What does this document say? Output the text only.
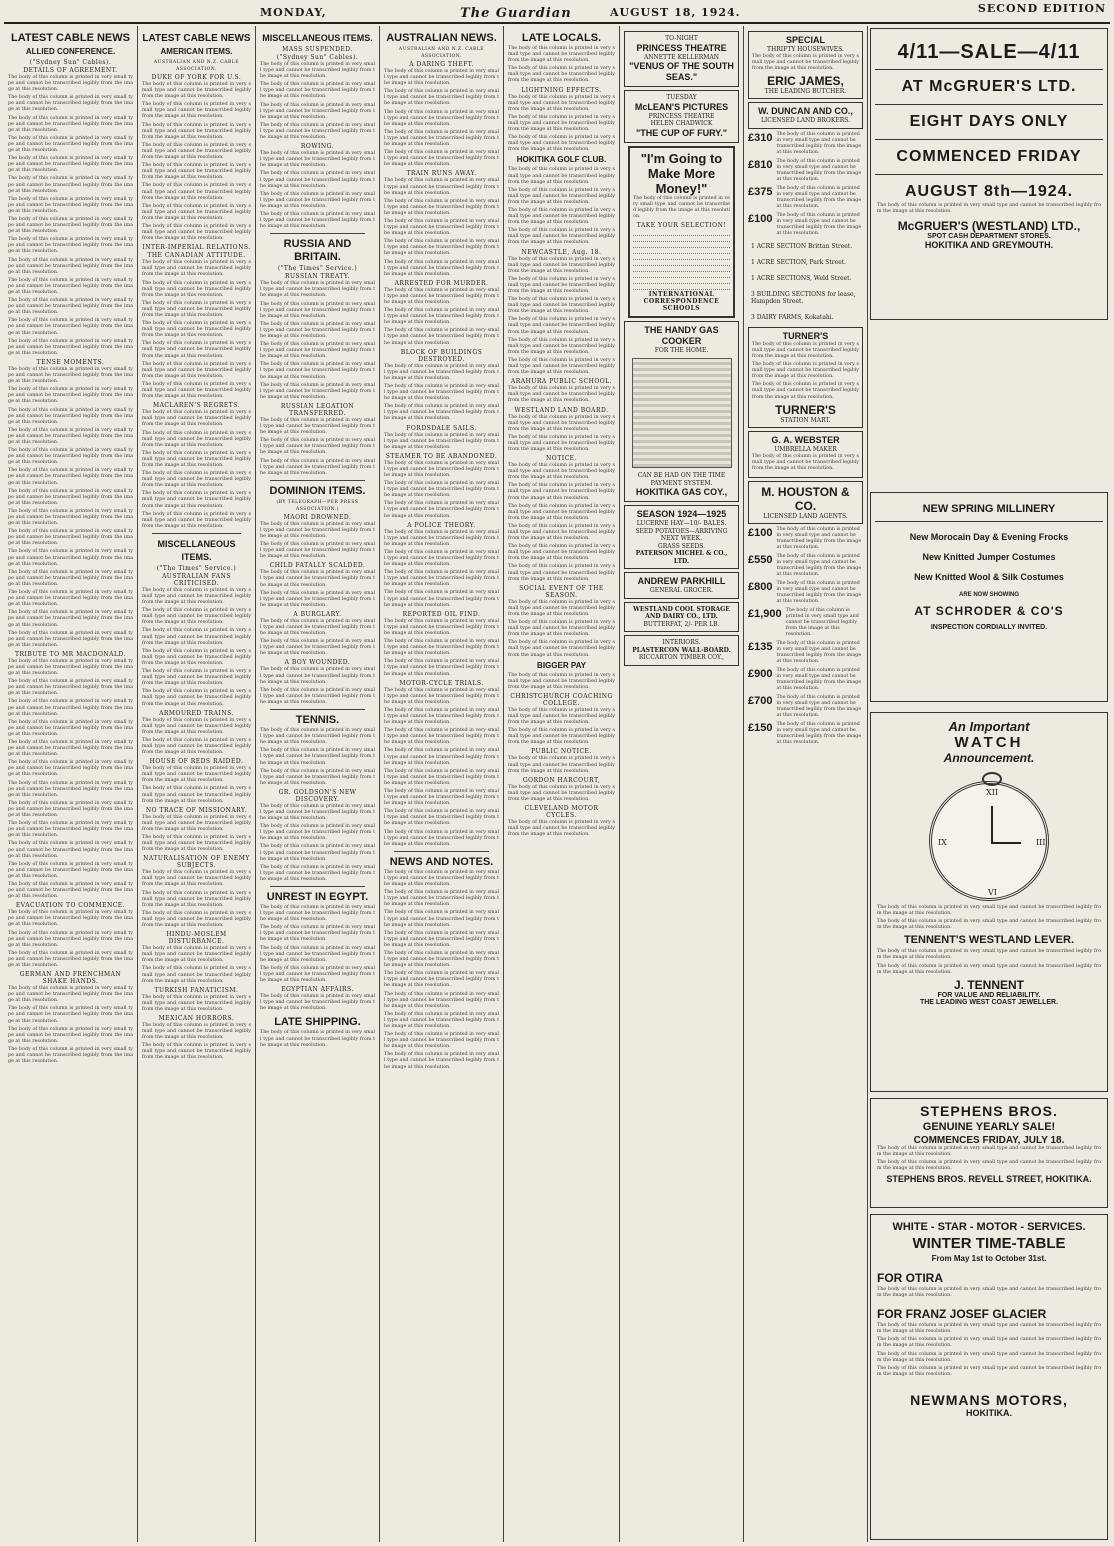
MONDAY,	The Guardian	AUGUST 18, 1924.	SECOND EDITION
LATEST CABLE NEWS
ALLIED CONFERENCE.
("Sydney Sun" Cables).
DETAILS OF AGREEMENT.
The body of this column is printed in very small type and cannot be transcribed legibly from the image at this resolution.
The body of this column is printed in very small type and cannot be transcribed legibly from the image at this resolution.
The body of this column is printed in very small type and cannot be transcribed legibly from the image at this resolution.
The body of this column is printed in very small type and cannot be transcribed legibly from the image at this resolution.
The body of this column is printed in very small type and cannot be transcribed legibly from the image at this resolution.
The body of this column is printed in very small type and cannot be transcribed legibly from the image at this resolution.
The body of this column is printed in very small type and cannot be transcribed legibly from the image at this resolution.
The body of this column is printed in very small type and cannot be transcribed legibly from the image at this resolution.
The body of this column is printed in very small type and cannot be transcribed legibly from the image at this resolution.
The body of this column is printed in very small type and cannot be transcribed legibly from the image at this resolution.
The body of this column is printed in very small type and cannot be transcribed legibly from the image at this resolution.
The body of this column is printed in very small type and cannot be transcribed legibly from the image at this resolution.
The body of this column is printed in very small type and cannot be transcribed legibly from the image at this resolution.
The body of this column is printed in very small type and cannot be transcribed legibly from the image at this resolution.
TENSE MOMENTS.
The body of this column is printed in very small type and cannot be transcribed legibly from the image at this resolution.
The body of this column is printed in very small type and cannot be transcribed legibly from the image at this resolution.
The body of this column is printed in very small type and cannot be transcribed legibly from the image at this resolution.
The body of this column is printed in very small type and cannot be transcribed legibly from the image at this resolution.
The body of this column is printed in very small type and cannot be transcribed legibly from the image at this resolution.
The body of this column is printed in very small type and cannot be transcribed legibly from the image at this resolution.
The body of this column is printed in very small type and cannot be transcribed legibly from the image at this resolution.
The body of this column is printed in very small type and cannot be transcribed legibly from the image at this resolution.
The body of this column is printed in very small type and cannot be transcribed legibly from the image at this resolution.
The body of this column is printed in very small type and cannot be transcribed legibly from the image at this resolution.
The body of this column is printed in very small type and cannot be transcribed legibly from the image at this resolution.
The body of this column is printed in very small type and cannot be transcribed legibly from the image at this resolution.
The body of this column is printed in very small type and cannot be transcribed legibly from the image at this resolution.
The body of this column is printed in very small type and cannot be transcribed legibly from the image at this resolution.
TRIBUTE TO MR MACDONALD.
The body of this column is printed in very small type and cannot be transcribed legibly from the image at this resolution.
The body of this column is printed in very small type and cannot be transcribed legibly from the image at this resolution.
The body of this column is printed in very small type and cannot be transcribed legibly from the image at this resolution.
The body of this column is printed in very small type and cannot be transcribed legibly from the image at this resolution.
The body of this column is printed in very small type and cannot be transcribed legibly from the image at this resolution.
The body of this column is printed in very small type and cannot be transcribed legibly from the image at this resolution.
The body of this column is printed in very small type and cannot be transcribed legibly from the image at this resolution.
The body of this column is printed in very small type and cannot be transcribed legibly from the image at this resolution.
The body of this column is printed in very small type and cannot be transcribed legibly from the image at this resolution.
The body of this column is printed in very small type and cannot be transcribed legibly from the image at this resolution.
The body of this column is printed in very small type and cannot be transcribed legibly from the image at this resolution.
The body of this column is printed in very small type and cannot be transcribed legibly from the image at this resolution.
EVACUATION TO COMMENCE.
The body of this column is printed in very small type and cannot be transcribed legibly from the image at this resolution.
The body of this column is printed in very small type and cannot be transcribed legibly from the image at this resolution.
The body of this column is printed in very small type and cannot be transcribed legibly from the image at this resolution.
GERMAN AND FRENCHMAN SHAKE HANDS.
The body of this column is printed in very small type and cannot be transcribed legibly from the image at this resolution.
The body of this column is printed in very small type and cannot be transcribed legibly from the image at this resolution.
The body of this column is printed in very small type and cannot be transcribed legibly from the image at this resolution.
The body of this column is printed in very small type and cannot be transcribed legibly from the image at this resolution.
LATEST CABLE NEWS
AMERICAN ITEMS.
AUSTRALIAN AND N.Z. CABLE ASSOCIATION.
DUKE OF YORK FOR U.S.
The body of this column is printed in very small type and cannot be transcribed legibly from the image at this resolution.
The body of this column is printed in very small type and cannot be transcribed legibly from the image at this resolution.
The body of this column is printed in very small type and cannot be transcribed legibly from the image at this resolution.
The body of this column is printed in very small type and cannot be transcribed legibly from the image at this resolution.
The body of this column is printed in very small type and cannot be transcribed legibly from the image at this resolution.
The body of this column is printed in very small type and cannot be transcribed legibly from the image at this resolution.
The body of this column is printed in very small type and cannot be transcribed legibly from the image at this resolution.
The body of this column is printed in very small type and cannot be transcribed legibly from the image at this resolution.
INTER-IMPERIAL RELATIONS.
THE CANADIAN ATTITUDE.
The body of this column is printed in very small type and cannot be transcribed legibly from the image at this resolution.
The body of this column is printed in very small type and cannot be transcribed legibly from the image at this resolution.
The body of this column is printed in very small type and cannot be transcribed legibly from the image at this resolution.
The body of this column is printed in very small type and cannot be transcribed legibly from the image at this resolution.
The body of this column is printed in very small type and cannot be transcribed legibly from the image at this resolution.
The body of this column is printed in very small type and cannot be transcribed legibly from the image at this resolution.
The body of this column is printed in very small type and cannot be transcribed legibly from the image at this resolution.
MACLAREN'S REGRETS.
The body of this column is printed in very small type and cannot be transcribed legibly from the image at this resolution.
The body of this column is printed in very small type and cannot be transcribed legibly from the image at this resolution.
The body of this column is printed in very small type and cannot be transcribed legibly from the image at this resolution.
The body of this column is printed in very small type and cannot be transcribed legibly from the image at this resolution.
The body of this column is printed in very small type and cannot be transcribed legibly from the image at this resolution.
The body of this column is printed in very small type and cannot be transcribed legibly from the image at this resolution.
MISCELLANEOUS ITEMS.
("The Times" Service.)
AUSTRALIAN FANS CRITICISED.
The body of this column is printed in very small type and cannot be transcribed legibly from the image at this resolution.
The body of this column is printed in very small type and cannot be transcribed legibly from the image at this resolution.
The body of this column is printed in very small type and cannot be transcribed legibly from the image at this resolution.
The body of this column is printed in very small type and cannot be transcribed legibly from the image at this resolution.
The body of this column is printed in very small type and cannot be transcribed legibly from the image at this resolution.
The body of this column is printed in very small type and cannot be transcribed legibly from the image at this resolution.
ARMOURED TRAINS.
The body of this column is printed in very small type and cannot be transcribed legibly from the image at this resolution.
The body of this column is printed in very small type and cannot be transcribed legibly from the image at this resolution.
HOUSE OF REDS RAIDED.
The body of this column is printed in very small type and cannot be transcribed legibly from the image at this resolution.
The body of this column is printed in very small type and cannot be transcribed legibly from the image at this resolution.
NO TRACE OF MISSIONARY.
The body of this column is printed in very small type and cannot be transcribed legibly from the image at this resolution.
The body of this column is printed in very small type and cannot be transcribed legibly from the image at this resolution.
NATURALISATION OF ENEMY SUBJECTS.
The body of this column is printed in very small type and cannot be transcribed legibly from the image at this resolution.
The body of this column is printed in very small type and cannot be transcribed legibly from the image at this resolution.
The body of this column is printed in very small type and cannot be transcribed legibly from the image at this resolution.
HINDU-MOSLEM DISTURBANCE.
The body of this column is printed in very small type and cannot be transcribed legibly from the image at this resolution.
The body of this column is printed in very small type and cannot be transcribed legibly from the image at this resolution.
TURKISH FANATICISM.
The body of this column is printed in very small type and cannot be transcribed legibly from the image at this resolution.
MEXICAN HORRORS.
The body of this column is printed in very small type and cannot be transcribed legibly from the image at this resolution.
The body of this column is printed in very small type and cannot be transcribed legibly from the image at this resolution.
MISCELLANEOUS ITEMS.
MASS SUSPENDED.
("Sydney Sun" Cables).
The body of this column is printed in very small type and cannot be transcribed legibly from the image at this resolution.
The body of this column is printed in very small type and cannot be transcribed legibly from the image at this resolution.
The body of this column is printed in very small type and cannot be transcribed legibly from the image at this resolution.
The body of this column is printed in very small type and cannot be transcribed legibly from the image at this resolution.
ROWING.
The body of this column is printed in very small type and cannot be transcribed legibly from the image at this resolution.
The body of this column is printed in very small type and cannot be transcribed legibly from the image at this resolution.
The body of this column is printed in very small type and cannot be transcribed legibly from the image at this resolution.
The body of this column is printed in very small type and cannot be transcribed legibly from the image at this resolution.
RUSSIA AND BRITAIN.
("The Times" Service.)
RUSSIAN TREATY.
The body of this column is printed in very small type and cannot be transcribed legibly from the image at this resolution.
The body of this column is printed in very small type and cannot be transcribed legibly from the image at this resolution.
The body of this column is printed in very small type and cannot be transcribed legibly from the image at this resolution.
The body of this column is printed in very small type and cannot be transcribed legibly from the image at this resolution.
The body of this column is printed in very small type and cannot be transcribed legibly from the image at this resolution.
The body of this column is printed in very small type and cannot be transcribed legibly from the image at this resolution.
RUSSIAN LEGATION TRANSFERRED.
The body of this column is printed in very small type and cannot be transcribed legibly from the image at this resolution.
The body of this column is printed in very small type and cannot be transcribed legibly from the image at this resolution.
The body of this column is printed in very small type and cannot be transcribed legibly from the image at this resolution.
DOMINION ITEMS.
(BY TELEGRAPH—PER PRESS ASSOCIATION.)
MAORI DROWNED.
The body of this column is printed in very small type and cannot be transcribed legibly from the image at this resolution.
The body of this column is printed in very small type and cannot be transcribed legibly from the image at this resolution.
CHILD FATALLY SCALDED.
The body of this column is printed in very small type and cannot be transcribed legibly from the image at this resolution.
The body of this column is printed in very small type and cannot be transcribed legibly from the image at this resolution.
A BURGLARY.
The body of this column is printed in very small type and cannot be transcribed legibly from the image at this resolution.
The body of this column is printed in very small type and cannot be transcribed legibly from the image at this resolution.
A BOY WOUNDED.
The body of this column is printed in very small type and cannot be transcribed legibly from the image at this resolution.
The body of this column is printed in very small type and cannot be transcribed legibly from the image at this resolution.
TENNIS.
The body of this column is printed in very small type and cannot be transcribed legibly from the image at this resolution.
The body of this column is printed in very small type and cannot be transcribed legibly from the image at this resolution.
The body of this column is printed in very small type and cannot be transcribed legibly from the image at this resolution.
GR. GOLDSON'S NEW DISCOVERY.
The body of this column is printed in very small type and cannot be transcribed legibly from the image at this resolution.
The body of this column is printed in very small type and cannot be transcribed legibly from the image at this resolution.
The body of this column is printed in very small type and cannot be transcribed legibly from the image at this resolution.
The body of this column is printed in very small type and cannot be transcribed legibly from the image at this resolution.
UNREST IN EGYPT.
The body of this column is printed in very small type and cannot be transcribed legibly from the image at this resolution.
The body of this column is printed in very small type and cannot be transcribed legibly from the image at this resolution.
The body of this column is printed in very small type and cannot be transcribed legibly from the image at this resolution.
The body of this column is printed in very small type and cannot be transcribed legibly from the image at this resolution.
EGYPTIAN AFFAIRS.
The body of this column is printed in very small type and cannot be transcribed legibly from the image at this resolution.
LATE SHIPPING.
The body of this column is printed in very small type and cannot be transcribed legibly from the image at this resolution.
AUSTRALIAN NEWS.
AUSTRALIAN AND N.Z. CABLE ASSOCIATION.
A DARING THEFT.
The body of this column is printed in very small type and cannot be transcribed legibly from the image at this resolution.
The body of this column is printed in very small type and cannot be transcribed legibly from the image at this resolution.
The body of this column is printed in very small type and cannot be transcribed legibly from the image at this resolution.
The body of this column is printed in very small type and cannot be transcribed legibly from the image at this resolution.
The body of this column is printed in very small type and cannot be transcribed legibly from the image at this resolution.
TRAIN RUNS AWAY.
The body of this column is printed in very small type and cannot be transcribed legibly from the image at this resolution.
The body of this column is printed in very small type and cannot be transcribed legibly from the image at this resolution.
The body of this column is printed in very small type and cannot be transcribed legibly from the image at this resolution.
The body of this column is printed in very small type and cannot be transcribed legibly from the image at this resolution.
The body of this column is printed in very small type and cannot be transcribed legibly from the image at this resolution.
ARRESTED FOR MURDER.
The body of this column is printed in very small type and cannot be transcribed legibly from the image at this resolution.
The body of this column is printed in very small type and cannot be transcribed legibly from the image at this resolution.
The body of this column is printed in very small type and cannot be transcribed legibly from the image at this resolution.
BLOCK OF BUILDINGS DESTROYED.
The body of this column is printed in very small type and cannot be transcribed legibly from the image at this resolution.
The body of this column is printed in very small type and cannot be transcribed legibly from the image at this resolution.
The body of this column is printed in very small type and cannot be transcribed legibly from the image at this resolution.
FORDSDALE SAILS.
The body of this column is printed in very small type and cannot be transcribed legibly from the image at this resolution.
STEAMER TO BE ABANDONED.
The body of this column is printed in very small type and cannot be transcribed legibly from the image at this resolution.
The body of this column is printed in very small type and cannot be transcribed legibly from the image at this resolution.
The body of this column is printed in very small type and cannot be transcribed legibly from the image at this resolution.
A POLICE THEORY.
The body of this column is printed in very small type and cannot be transcribed legibly from the image at this resolution.
The body of this column is printed in very small type and cannot be transcribed legibly from the image at this resolution.
The body of this column is printed in very small type and cannot be transcribed legibly from the image at this resolution.
The body of this column is printed in very small type and cannot be transcribed legibly from the image at this resolution.
REPORTED OIL FIND.
The body of this column is printed in very small type and cannot be transcribed legibly from the image at this resolution.
The body of this column is printed in very small type and cannot be transcribed legibly from the image at this resolution.
The body of this column is printed in very small type and cannot be transcribed legibly from the image at this resolution.
MOTOR-CYCLE TRIALS.
The body of this column is printed in very small type and cannot be transcribed legibly from the image at this resolution.
The body of this column is printed in very small type and cannot be transcribed legibly from the image at this resolution.
The body of this column is printed in very small type and cannot be transcribed legibly from the image at this resolution.
The body of this column is printed in very small type and cannot be transcribed legibly from the image at this resolution.
The body of this column is printed in very small type and cannot be transcribed legibly from the image at this resolution.
The body of this column is printed in very small type and cannot be transcribed legibly from the image at this resolution.
The body of this column is printed in very small type and cannot be transcribed legibly from the image at this resolution.
The body of this column is printed in very small type and cannot be transcribed legibly from the image at this resolution.
NEWS AND NOTES.
The body of this column is printed in very small type and cannot be transcribed legibly from the image at this resolution.
The body of this column is printed in very small type and cannot be transcribed legibly from the image at this resolution.
The body of this column is printed in very small type and cannot be transcribed legibly from the image at this resolution.
The body of this column is printed in very small type and cannot be transcribed legibly from the image at this resolution.
The body of this column is printed in very small type and cannot be transcribed legibly from the image at this resolution.
The body of this column is printed in very small type and cannot be transcribed legibly from the image at this resolution.
The body of this column is printed in very small type and cannot be transcribed legibly from the image at this resolution.
The body of this column is printed in very small type and cannot be transcribed legibly from the image at this resolution.
The body of this column is printed in very small type and cannot be transcribed legibly from the image at this resolution.
The body of this column is printed in very small type and cannot be transcribed legibly from the image at this resolution.
LATE LOCALS.
The body of this column is printed in very small type and cannot be transcribed legibly from the image at this resolution.
The body of this column is printed in very small type and cannot be transcribed legibly from the image at this resolution.
LIGHTNING EFFECTS.
The body of this column is printed in very small type and cannot be transcribed legibly from the image at this resolution.
The body of this column is printed in very small type and cannot be transcribed legibly from the image at this resolution.
The body of this column is printed in very small type and cannot be transcribed legibly from the image at this resolution.
HOKITIKA GOLF CLUB.
The body of this column is printed in very small type and cannot be transcribed legibly from the image at this resolution.
The body of this column is printed in very small type and cannot be transcribed legibly from the image at this resolution.
The body of this column is printed in very small type and cannot be transcribed legibly from the image at this resolution.
The body of this column is printed in very small type and cannot be transcribed legibly from the image at this resolution.
NEWCASTLE, Aug. 18.
The body of this column is printed in very small type and cannot be transcribed legibly from the image at this resolution.
The body of this column is printed in very small type and cannot be transcribed legibly from the image at this resolution.
The body of this column is printed in very small type and cannot be transcribed legibly from the image at this resolution.
The body of this column is printed in very small type and cannot be transcribed legibly from the image at this resolution.
The body of this column is printed in very small type and cannot be transcribed legibly from the image at this resolution.
The body of this column is printed in very small type and cannot be transcribed legibly from the image at this resolution.
ARAHURA PUBLIC SCHOOL.
The body of this column is printed in very small type and cannot be transcribed legibly from the image at this resolution.
WESTLAND LAND BOARD.
The body of this column is printed in very small type and cannot be transcribed legibly from the image at this resolution.
The body of this column is printed in very small type and cannot be transcribed legibly from the image at this resolution.
NOTICE.
The body of this column is printed in very small type and cannot be transcribed legibly from the image at this resolution.
The body of this column is printed in very small type and cannot be transcribed legibly from the image at this resolution.
The body of this column is printed in very small type and cannot be transcribed legibly from the image at this resolution.
The body of this column is printed in very small type and cannot be transcribed legibly from the image at this resolution.
The body of this column is printed in very small type and cannot be transcribed legibly from the image at this resolution.
The body of this column is printed in very small type and cannot be transcribed legibly from the image at this resolution.
SOCIAL EVENT OF THE SEASON.
The body of this column is printed in very small type and cannot be transcribed legibly from the image at this resolution.
The body of this column is printed in very small type and cannot be transcribed legibly from the image at this resolution.
The body of this column is printed in very small type and cannot be transcribed legibly from the image at this resolution.
BIGGER PAY
The body of this column is printed in very small type and cannot be transcribed legibly from the image at this resolution.
CHRISTCHURCH COACHING COLLEGE.
The body of this column is printed in very small type and cannot be transcribed legibly from the image at this resolution.
The body of this column is printed in very small type and cannot be transcribed legibly from the image at this resolution.
PUBLIC NOTICE.
The body of this column is printed in very small type and cannot be transcribed legibly from the image at this resolution.
GORDON HARCOURT,
The body of this column is printed in very small type and cannot be transcribed legibly from the image at this resolution.
CLEVELAND MOTOR CYCLES.
The body of this column is printed in very small type and cannot be transcribed legibly from the image at this resolution.
TO-NIGHT
PRINCESS THEATRE
ANNETTE KELLERMAN
"VENUS OF THE SOUTH SEAS."
TUESDAY
McLEAN'S PICTURES
PRINCESS THEATRE
HELEN CHADWICK
"THE CUP OF FURY."
"I'm Going to
Make More
Money!"
The body of this column is printed in very small type and cannot be transcribed legibly from the image at this resolution.
TAKE YOUR SELECTION!
INTERNATIONAL CORRESPONDENCE SCHOOLS
THE HANDY GAS COOKER
FOR THE HOME.
CAN BE HAD ON THE TIME PAYMENT SYSTEM.
HOKITIKA GAS COY.,
SEASON 1924—1925
LUCERNE HAY—10/- BALES.
SEED POTATOES—ARRIVING NEXT WEEK.
GRASS SEEDS.
PATERSON MICHEL & CO., LTD.
ANDREW PARKHILL
GENERAL GROCER.
WESTLAND COOL STORAGE AND DAIRY CO., LTD.
BUTTERFAT, 2/- PER LB.
INTERIORS.
PLASTERCON WALL-BOARD.
RICCARTON TIMBER COY.,
SPECIAL
THRIFTY HOUSEWIVES.
The body of this column is printed in very small type and cannot be transcribed legibly from the image at this resolution.
ERIC JAMES,
THE LEADING BUTCHER.
W. DUNCAN AND CO.,
LICENSED LAND BROKERS.
£310 The body of this column is printed in very small type and cannot be transcribed legibly from the image at this resolution.
£810 The body of this column is printed in very small type and cannot be transcribed legibly from the image at this resolution.
£375 The body of this column is printed in very small type and cannot be transcribed legibly from the image at this resolution.
£100 The body of this column is printed in very small type and cannot be transcribed legibly from the image at this resolution.
1 ACRE SECTION Brittan Street.
1 ACRE SECTION, Park Street.
1 ACRE SECTIONS, Weld Street.
3 BUILDING SECTIONS for lease, Hampden Street.
3 DAIRY FARMS, Kokatahi.
TURNER'S
The body of this column is printed in very small type and cannot be transcribed legibly from the image at this resolution.
The body of this column is printed in very small type and cannot be transcribed legibly from the image at this resolution.
The body of this column is printed in very small type and cannot be transcribed legibly from the image at this resolution.
TURNER'S
STATION MART.
G. A. WEBSTER
UMBRELLA MAKER
The body of this column is printed in very small type and cannot be transcribed legibly from the image at this resolution.
M. HOUSTON & CO.
LICENSED LAND AGENTS.
£100 The body of this column is printed in very small type and cannot be transcribed legibly from the image at this resolution.
£550 The body of this column is printed in very small type and cannot be transcribed legibly from the image at this resolution.
£800 The body of this column is printed in very small type and cannot be transcribed legibly from the image at this resolution.
£1,900 The body of this column is printed in very small type and cannot be transcribed legibly from the image at this resolution.
£135 The body of this column is printed in very small type and cannot be transcribed legibly from the image at this resolution.
£900 The body of this column is printed in very small type and cannot be transcribed legibly from the image at this resolution.
£700 The body of this column is printed in very small type and cannot be transcribed legibly from the image at this resolution.
£150 The body of this column is printed in very small type and cannot be transcribed legibly from the image at this resolution.
4/11—SALE—4/11
AT McGRUER'S LTD.
EIGHT DAYS ONLY
COMMENCED FRIDAY
AUGUST 8th—1924.
The body of this column is printed in very small type and cannot be transcribed legibly from the image at this resolution.
McGRUER'S (WESTLAND) LTD.,
SPOT CASH DEPARTMENT STORES.
HOKITIKA AND GREYMOUTH.
NEW SPRING MILLINERY
New Morocain Day & Evening Frocks
New Knitted Jumper Costumes
New Knitted Wool & Silk Costumes
ARE NOW SHOWING
AT SCHRODER & CO'S
INSPECTION CORDIALLY INVITED.
An Important
WATCH
Announcement.
XII
III
VI
IX
The body of this column is printed in very small type and cannot be transcribed legibly from the image at this resolution.
The body of this column is printed in very small type and cannot be transcribed legibly from the image at this resolution.
TENNENT'S WESTLAND LEVER.
The body of this column is printed in very small type and cannot be transcribed legibly from the image at this resolution.
The body of this column is printed in very small type and cannot be transcribed legibly from the image at this resolution.
J. TENNENT
FOR VALUE AND RELIABILITY.
THE LEADING WEST COAST JEWELLER.
STEPHENS BROS.
GENUINE YEARLY SALE!
COMMENCES FRIDAY, JULY 18.
The body of this column is printed in very small type and cannot be transcribed legibly from the image at this resolution.
The body of this column is printed in very small type and cannot be transcribed legibly from the image at this resolution.
STEPHENS BROS. REVELL STREET, HOKITIKA.
WHITE - STAR - MOTOR - SERVICES.
WINTER TIME-TABLE
From May 1st to October 31st.
FOR OTIRA
The body of this column is printed in very small type and cannot be transcribed legibly from the image at this resolution.
FOR FRANZ JOSEF GLACIER
The body of this column is printed in very small type and cannot be transcribed legibly from the image at this resolution.
The body of this column is printed in very small type and cannot be transcribed legibly from the image at this resolution.
The body of this column is printed in very small type and cannot be transcribed legibly from the image at this resolution.
The body of this column is printed in very small type and cannot be transcribed legibly from the image at this resolution.
NEWMANS MOTORS,
HOKITIKA.
